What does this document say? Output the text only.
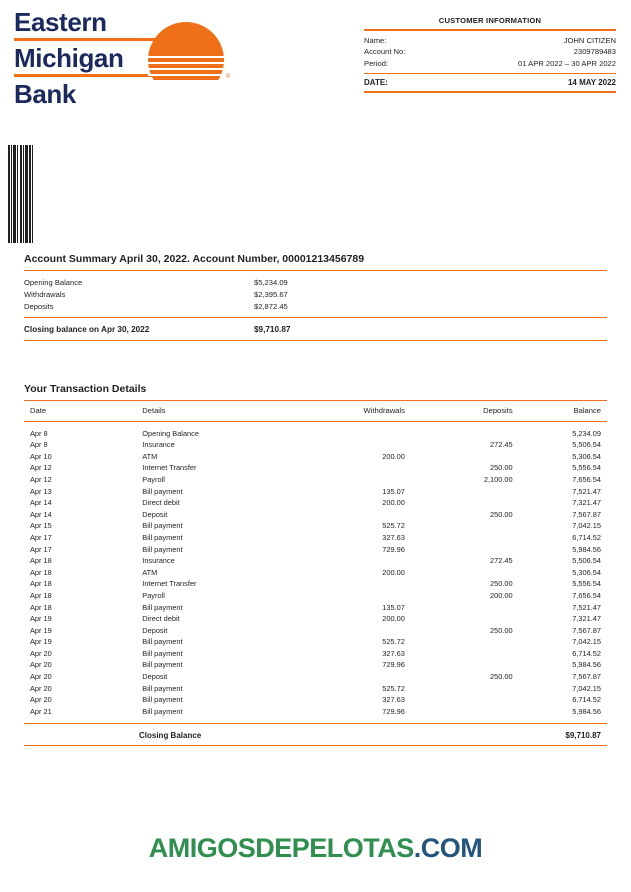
Eastern
Michigan
Bank
®
CUSTOMER INFORMATION
Name:	JOHN CITIZEN
Account No:	2309789483
Period:	01 APR 2022 – 30 APR 2022
DATE:	14 MAY 2022
Account Summary April 30, 2022. Account Number, 00001213456789
Opening Balance	$5,234.09
Withdrawals	$2,395.67
Deposits	$2,872.45
Closing balance on Apr 30, 2022	$9,710.87
Your Transaction Details
Date	Details	Withdrawals	Deposits	Balance

Apr 8	Opening Balance			5,234.09
Apr 8	Insurance		272.45	5,506.54
Apr 10	ATM	200.00		5,306.54
Apr 12	Internet Transfer		250.00	5,556.54
Apr 12	Payroll		2,100.00	7,656.54
Apr 13	Bill payment	135.07		7,521.47
Apr 14	Direct debit	200.00		7,321.47
Apr 14	Deposit		250.00	7,567.87
Apr 15	Bill payment	525.72		7,042.15
Apr 17	Bill payment	327.63		6,714.52
Apr 17	Bill payment	729.96		5,984.56
Apr 18	Insurance		272.45	5,506.54
Apr 18	ATM	200.00		5,306.54
Apr 18	Internet Transfer		250.00	5,556.54
Apr 18	Payroll		200.00	7,656.54
Apr 18	Bill payment	135.07		7,521.47
Apr 19	Direct debit	200.00		7,321.47
Apr 19	Deposit		250.00	7,567.87
Apr 19	Bill payment	525.72		7,042.15
Apr 20	Bill payment	327.63		6,714.52
Apr 20	Bill payment	729.96		5,984.56
Apr 20	Deposit		250.00	7,567.87
Apr 20	Bill payment	525.72		7,042.15
Apr 20	Bill payment	327.63		6,714.52
Apr 21	Bill payment	729.96		5,984.56
Closing Balance	$9,710.87
AMIGOSDEPELOTAS.COM
